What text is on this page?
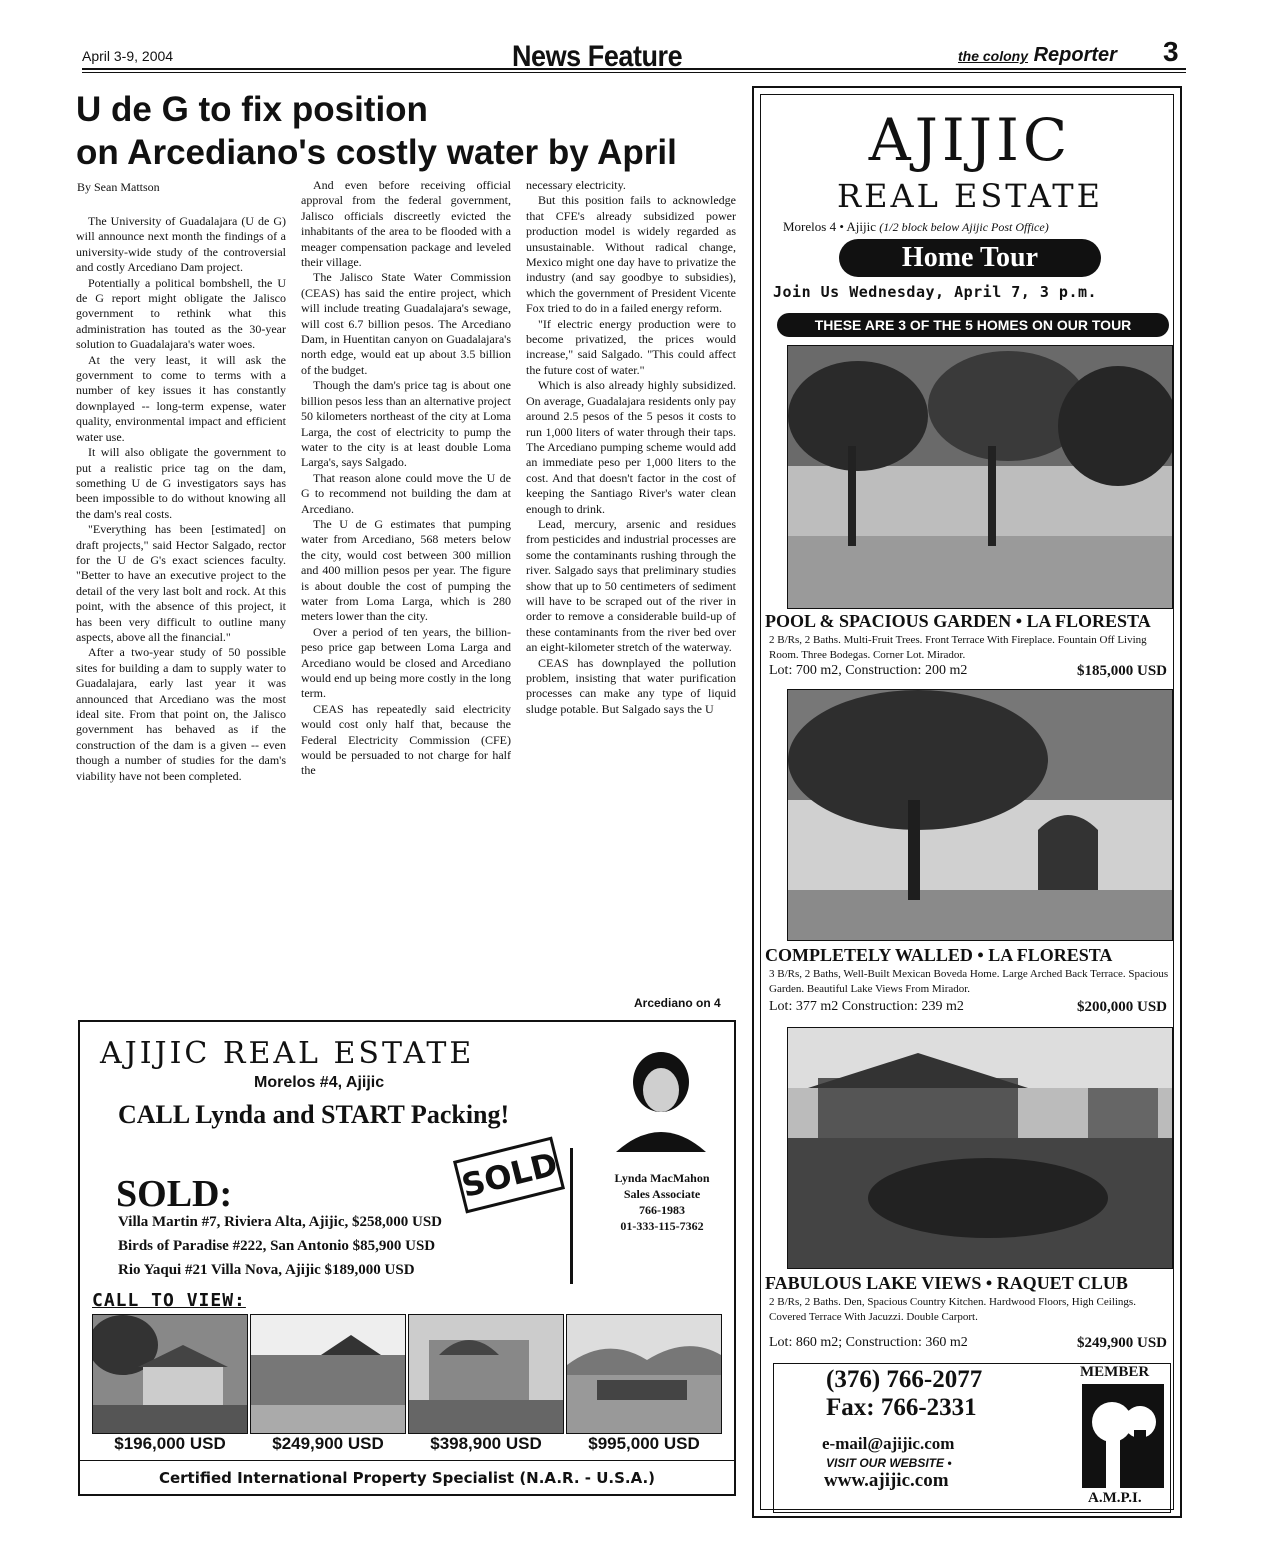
April 3-9, 2004	News Feature	the colony Reporter 3
U de G to fix position
on Arcediano's costly water by April
By Sean Mattson

The University of Guadalajara (U de G) will announce next month the findings of a university-wide study of the controversial and costly Arcediano Dam project.

Potentially a political bombshell, the U de G report might obligate the Jalisco government to rethink what this administration has touted as the 30-year solution to Guadalajara's water woes.

At the very least, it will ask the government to come to terms with a number of key issues it has constantly downplayed -- long-term expense, water quality, environmental impact and efficient water use.

It will also obligate the government to put a realistic price tag on the dam, something U de G investigators says has been impossible to do without knowing all the dam's real costs.

"Everything has been [estimated] on draft projects," said Hector Salgado, rector for the U de G's exact sciences faculty. "Better to have an executive project to the detail of the very last bolt and rock. At this point, with the absence of this project, it has been very difficult to outline many aspects, above all the financial."

After a two-year study of 50 possible sites for building a dam to supply water to Guadalajara, early last year it was announced that Arcediano was the most ideal site. From that point on, the Jalisco government has behaved as if the construction of the dam is a given -- even though a number of studies for the dam's viability have not been completed.

And even before receiving official approval from the federal government, Jalisco officials discreetly evicted the inhabitants of the area to be flooded with a meager compensation package and leveled their village.

The Jalisco State Water Commission (CEAS) has said the entire project, which will include treating Guadalajara's sewage, will cost 6.7 billion pesos. The Arcediano Dam, in Huentitan canyon on Guadalajara's north edge, would eat up about 3.5 billion of the budget.

Though the dam's price tag is about one billion pesos less than an alternative project 50 kilometers northeast of the city at Loma Larga, the cost of electricity to pump the water to the city is at least double Loma Larga's, says Salgado.

That reason alone could move the U de G to recommend not building the dam at Arcediano.

The U de G estimates that pumping water from Arcediano, 568 meters below the city, would cost between 300 million and 400 million pesos per year. The figure is about double the cost of pumping the water from Loma Larga, which is 280 meters lower than the city.

Over a period of ten years, the billion-peso price gap between Loma Larga and Arcediano would be closed and Arcediano would end up being more costly in the long term.

CEAS has repeatedly said electricity would cost only half that, because the Federal Electricity Commission (CFE) would be persuaded to not charge for half the

necessary electricity.

But this position fails to acknowledge that CFE's already subsidized power production model is widely regarded as unsustainable. Without radical change, Mexico might one day have to privatize the industry (and say goodbye to subsidies), which the government of President Vicente Fox tried to do in a failed energy reform.

"If electric energy production were to become privatized, the prices would increase," said Salgado. "This could affect the future cost of water."

Which is also already highly subsidized. On average, Guadalajara residents only pay around 2.5 pesos of the 5 pesos it costs to run 1,000 liters of water through their taps. The Arcediano pumping scheme would add an immediate peso per 1,000 liters to the cost. And that doesn't factor in the cost of keeping the Santiago River's water clean enough to drink.

Lead, mercury, arsenic and residues from pesticides and industrial processes are some the contaminants rushing through the river. Salgado says that preliminary studies show that up to 50 centimeters of sediment will have to be scraped out of the river in order to remove a considerable build-up of these contaminants from the river bed over an eight-kilometer stretch of the waterway.

CEAS has downplayed the pollution problem, insisting that water purification processes can make any type of liquid sludge potable. But Salgado says the U

Arcediano on 4
AJIJIC
REAL ESTATE
Morelos 4 • Ajijic (1/2 block below Ajijic Post Office)
Home Tour
Join Us Wednesday, April 7, 3 p.m.
THESE ARE 3 OF THE 5 HOMES ON OUR TOUR
POOL & SPACIOUS GARDEN • LA FLORESTA
2 B/Rs, 2 Baths. Multi-Fruit Trees. Front Terrace With Fireplace. Fountain Off Living Room. Three Bodegas. Corner Lot. Mirador.
Lot: 700 m2, Construction: 200 m2	$185,000 USD
COMPLETELY WALLED • LA FLORESTA
3 B/Rs, 2 Baths, Well-Built Mexican Boveda Home. Large Arched Back Terrace. Spacious Garden. Beautiful Lake Views From Mirador.
Lot: 377 m2 Construction: 239 m2	$200,000 USD
FABULOUS LAKE VIEWS • RAQUET CLUB
2 B/Rs, 2 Baths. Den, Spacious Country Kitchen. Hardwood Floors, High Ceilings. Covered Terrace With Jacuzzi. Double Carport.
Lot: 860 m2; Construction: 360 m2	$249,900 USD
(376) 766-2077
Fax: 766-2331
e-mail@ajijic.com
VISIT OUR WEBSITE •
www.ajijic.com
MEMBER
A.M.P.I.
AJIJIC REAL ESTATE
Morelos #4, Ajijic
CALL Lynda and START Packing!
SOLD:	SOLD
Villa Martin #7, Riviera Alta, Ajijic, $258,000 USD
Birds of Paradise #222, San Antonio $85,900 USD
Rio Yaqui #21 Villa Nova, Ajijic $189,000 USD
Lynda MacMahon
Sales Associate
766-1983
01-333-115-7362
CALL TO VIEW:
$196,000 USD	$249,900 USD	$398,900 USD	$995,000 USD
Certified International Property Specialist (N.A.R. - U.S.A.)
